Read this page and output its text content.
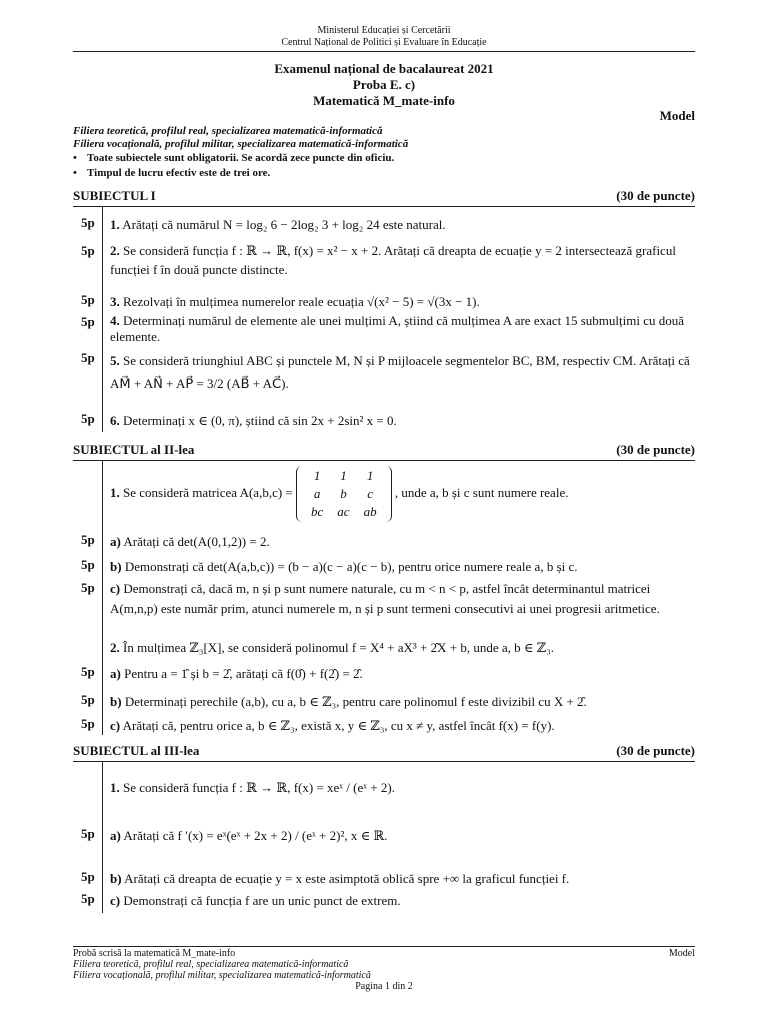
Ministerul Educației și Cercetării
Centrul Național de Politici și Evaluare în Educație
Examenul național de bacalaureat 2021
Proba E. c)
Matematică M_mate-info
Model
Filiera teoretică, profilul real, specializarea matematică-informatică
Filiera vocațională, profilul militar, specializarea matematică-informatică
• Toate subiectele sunt obligatorii. Se acordă zece puncte din oficiu.
• Timpul de lucru efectiv este de trei ore.
SUBIECTUL I	(30 de puncte)
5p 1. Arătați că numărul N = log₂ 6 − 2log₂ 3 + log₂ 24 este natural.
5p 2. Se consideră funcția f : ℝ → ℝ, f(x) = x² − x + 2. Arătați că dreapta de ecuație y = 2 intersectează graficul funcției f în două puncte distincte.
5p 3. Rezolvați în mulțimea numerelor reale ecuația √(x² − 5) = √(3x − 1).
5p 4. Determinați numărul de elemente ale unei mulțimi A, știind că mulțimea A are exact 15 submulțimi cu două elemente.
5p 5. Se consideră triunghiul ABC și punctele M, N și P mijloacele segmentelor BC, BM, respectiv CM. Arătați că AM⃗ + AN⃗ + AP⃗ = 3/2 (AB⃗ + AC⃗).
5p 6. Determinați x ∈ (0, π), știind că sin 2x + 2sin² x = 0.
SUBIECTUL al II-lea	(30 de puncte)
1. Se consideră matricea A(a,b,c) = 1	1	1
a	b	c
bc	ac	ab , unde a, b și c sunt numere reale.
5p a) Arătați că det(A(0,1,2)) = 2.
5p b) Demonstrați că det(A(a,b,c)) = (b − a)(c − a)(c − b), pentru orice numere reale a, b și c.
5p c) Demonstrați că, dacă m, n și p sunt numere naturale, cu m < n < p, astfel încât determinantul matricei A(m,n,p) este număr prim, atunci numerele m, n și p sunt termeni consecutivi ai unei progresii aritmetice.
2. În mulțimea ℤ₃[X], se consideră polinomul f = X⁴ + aX³ + 2̂X + b, unde a, b ∈ ℤ₃.
5p a) Pentru a = 1̂ și b = 2̂, arătați că f(0̂) + f(2̂) = 2̂.
5p b) Determinați perechile (a,b), cu a, b ∈ ℤ₃, pentru care polinomul f este divizibil cu X + 2̂.
5p c) Arătați că, pentru orice a, b ∈ ℤ₃, există x, y ∈ ℤ₃, cu x ≠ y, astfel încât f(x) = f(y).
SUBIECTUL al III-lea	(30 de puncte)
1. Se consideră funcția f : ℝ → ℝ, f(x) = xeˣ / (eˣ + 2).
5p a) Arătați că f ′(x) = eˣ(eˣ + 2x + 2) / (eˣ + 2)², x ∈ ℝ.
5p b) Arătați că dreapta de ecuație y = x este asimptotă oblică spre +∞ la graficul funcției f.
5p c) Demonstrați că funcția f are un unic punct de extrem.
Probă scrisă la matematică M_mate-info	Model
Filiera teoretică, profilul real, specializarea matematică-informatică
Filiera vocațională, profilul militar, specializarea matematică-informatică
Pagina 1 din 2
